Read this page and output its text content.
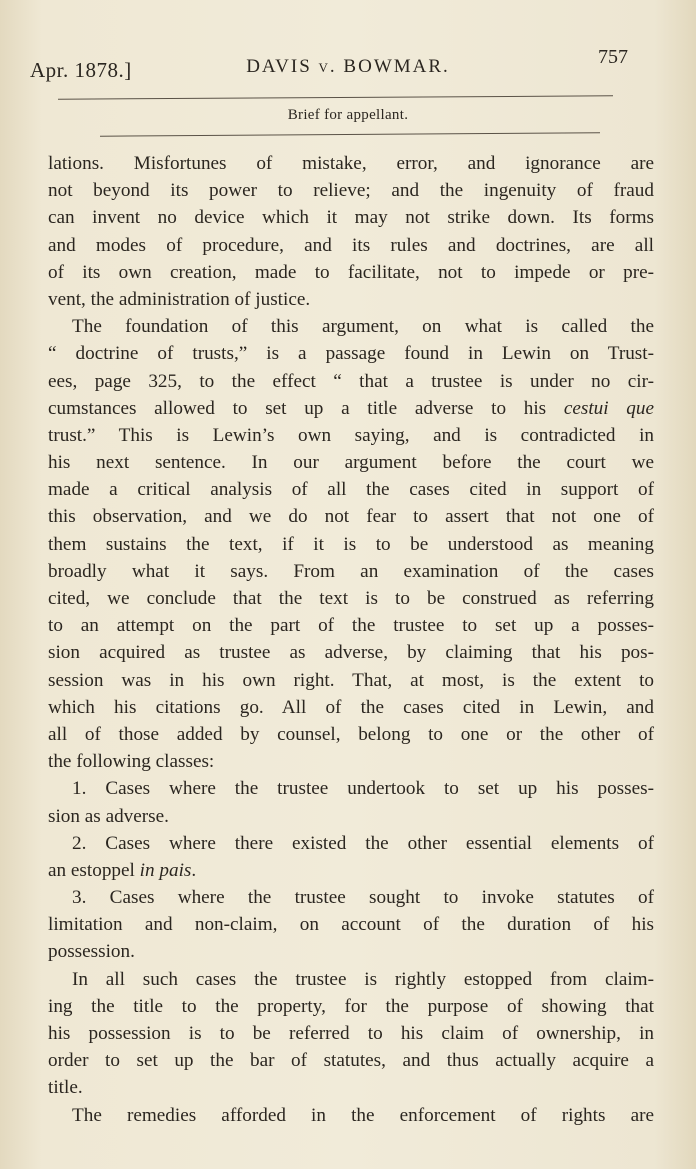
Apr. 1878.]	DAVIS v. BOWMAR.	757
Brief for appellant.
lations. Misfortunes of mistake, error, and ignorance are
not beyond its power to relieve; and the ingenuity of fraud
can invent no device which it may not strike down. Its forms
and modes of procedure, and its rules and doctrines, are all
of its own creation, made to facilitate, not to impede or pre-
vent, the administration of justice.
The foundation of this argument, on what is called the
“ doctrine of trusts,” is a passage found in Lewin on Trust-
ees, page 325, to the effect “ that a trustee is under no cir-
cumstances allowed to set up a title adverse to his cestui que
trust.” This is Lewin’s own saying, and is contradicted in
his next sentence. In our argument before the court we
made a critical analysis of all the cases cited in support of
this observation, and we do not fear to assert that not one of
them sustains the text, if it is to be understood as meaning
broadly what it says. From an examination of the cases
cited, we conclude that the text is to be construed as referring
to an attempt on the part of the trustee to set up a posses-
sion acquired as trustee as adverse, by claiming that his pos-
session was in his own right. That, at most, is the extent to
which his citations go. All of the cases cited in Lewin, and
all of those added by counsel, belong to one or the other of
the following classes:
1. Cases where the trustee undertook to set up his posses-
sion as adverse.
2. Cases where there existed the other essential elements of
an estoppel in pais.
3. Cases where the trustee sought to invoke statutes of
limitation and non-claim, on account of the duration of his
possession.
In all such cases the trustee is rightly estopped from claim-
ing the title to the property, for the purpose of showing that
his possession is to be referred to his claim of ownership, in
order to set up the bar of statutes, and thus actually acquire a
title.
The remedies afforded in the enforcement of rights are
